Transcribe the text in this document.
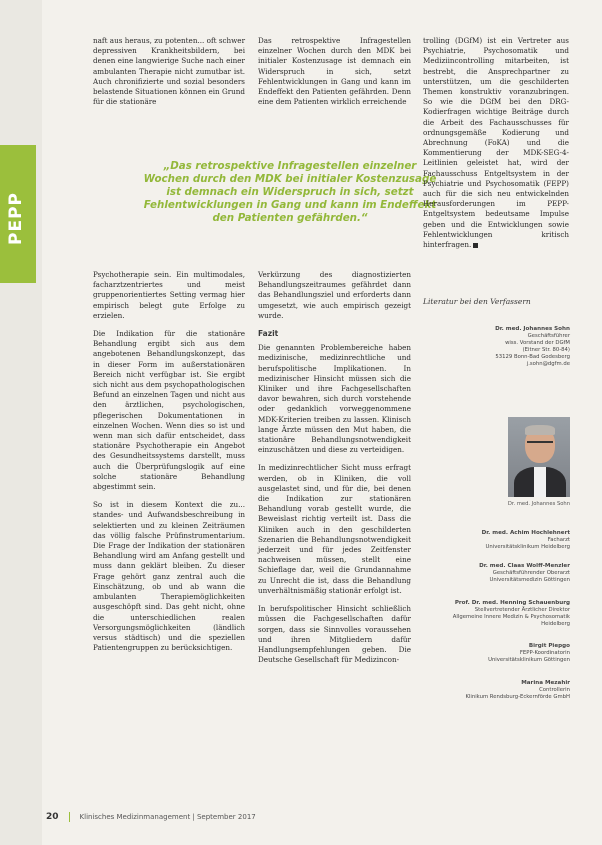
PEPP

naft aus heraus, zu potenten... oft schwer depressiven Krankheitsbildern, bei denen eine langwierige Suche nach einer ambulanten Therapie nicht zumutbar ist. Auch chronifizierte und sozial besonders belastende Situationen können ein Grund für die stationäre

Das retrospektive Infragestellen einzelner Wochen durch den MDK bei initialer Kostenzusage ist demnach ein Widerspruch in sich, setzt Fehlentwicklungen in Gang und kann im Endeffekt den Patienten gefährden. Denn eine dem Patienten wirklich erreichende

„Das retrospektive Infragestellen einzelner Wochen durch den MDK bei initialer Kostenzusage ist demnach ein Widerspruch in sich, setzt Fehlentwicklungen in Gang und kann im Endeffekt den Patienten gefährden.“

Psychotherapie sein. Ein multimodales, facharztzentriertes und meist gruppenorientiertes Setting vermag hier empirisch belegt gute Erfolge zu erzielen.

Die Indikation für die stationäre Behandlung ergibt sich aus dem angebotenen Behandlungskonzept, das in dieser Form im außerstationären Bereich nicht verfügbar ist. Sie ergibt sich nicht aus dem psychopathologischen Befund an einzelnen Tagen und nicht aus den ärztlichen, psychologischen, pflegerischen Dokumentationen in einzelnen Wochen. Wenn dies so ist und wenn man sich dafür entscheidet, dass stationäre Psychotherapie ein Angebot des Gesundheitssystems darstellt, muss auch die Überprüfungslogik auf eine solche stationäre Behandlung abgestimmt sein.

So ist in diesem Kontext die zu... standes- und Aufwandsbeschreibung in selektierten und zu kleinen Zeiträumen das völlig falsche Prüfinstrumentarium. Die Frage der Indikation der stationären Behandlung wird am Anfang gestellt und muss dann geklärt bleiben. Zu dieser Frage gehört ganz zentral auch die Einschätzung, ob und ab wann die ambulanten Therapiemöglichkeiten ausgeschöpft sind. Das geht nicht, ohne die unterschiedlichen realen Versorgungsmöglichkeiten (ländlich versus städtisch) und die speziellen Patientengruppen zu berücksichtigen.

Verkürzung des diagnostizierten Behandlungszeitraumes gefährdet dann das Behandlungsziel und erforderts dann umgesetzt, wie auch empirisch gezeigt wurde.

Fazit

Die genannten Problembereiche haben medizinische, medizinrechtliche und berufspolitische Implikationen. In medizinischer Hinsicht müssen sich die Kliniker und ihre Fachgesellschaften davor bewahren, sich durch vorstehende oder gedanklich vorweggenommene MDK-Kriterien treiben zu lassen. Klinisch lange Ärzte müssen den Mut haben, die stationäre Behandlungsnotwendigkeit einzuschätzen und diese zu verteidigen.

In medizinrechtlicher Sicht muss erfragt werden, ob in Kliniken, die voll ausgelastet sind, und für die, bei denen die Indikation zur stationären Behandlung vorab gestellt wurde, die Beweislast richtig verteilt ist. Dass die Kliniken auch in den geschilderten Szenarien die Behandlungsnotwendigkeit jederzeit und für jedes Zeitfenster nachweisen müssen, stellt eine Schieflage dar, weil die Grundannahme zu Unrecht die ist, dass die Behandlung unverhältnismäßig stationär erfolgt ist.

In berufspolitischer Hinsicht schließlich müssen die Fachgesellschaften dafür sorgen, dass sie Sinnvolles voraussehen und ihren Mitgliedern dafür Handlungsempfehlungen geben. Die Deutsche Gesellschaft für Medizincon-

trolling (DGfM) ist ein Vertreter aus Psychiatrie, Psychosomatik und Mediziincontrolling mitarbeiten, ist bestrebt, die Ansprechpartner zu unterstützen, um die geschilderten Themen konstruktiv voranzubringen. So wie die DGfM bei den DRG-Kodierfragen wichtige Beiträge durch die Arbeit des Fachausschusses für ordnungsgemäße Kodierung und Abrechnung (FoKA) und die Kommentierung der MDK-SEG-4-Leitlinien geleistet hat, wird der Fachausschuss Entgeltsystem in der Psychiatrie und Psychosomatik (FEPP) auch für die sich neu entwickelnden Herausforderungen im PEPP-Entgeltsystem bedeutsame Impulse geben und die Entwicklungen sowie Fehlentwicklungen kritisch hinterfragen.

Literatur bei den Verfassern
Dr. med. Johannes Sohn
Geschäftsführer
wiss. Vorstand der DGfM
(Eitner Str. 80-84)
53129 Bonn-Bad Godesberg
j.sohn@dgfm.de
Dr. med. Johannes Sohn
Dr. med. Achim Hochlehnert
Facharzt
Universitätsklinikum Heidelberg
Dr. med. Claas Wolff-Menzler
Geschäftsführender Oberarzt
Universitätsmedizin Göttingen
Prof. Dr. med. Henning Schauenburg
Stellvertretender Ärztlicher Direktor
Allgemeine Innere Medizin & Psychosomatik
Heidelberg
Birgit Piepgo
FEPP-Koordinatorin
Universitätsklinikum Göttingen
Marina Mezahir
Controllerin
Klinikum Rendsburg-Eckernförde GmbH
20	Klinisches Medizinmanagement | September 2017
